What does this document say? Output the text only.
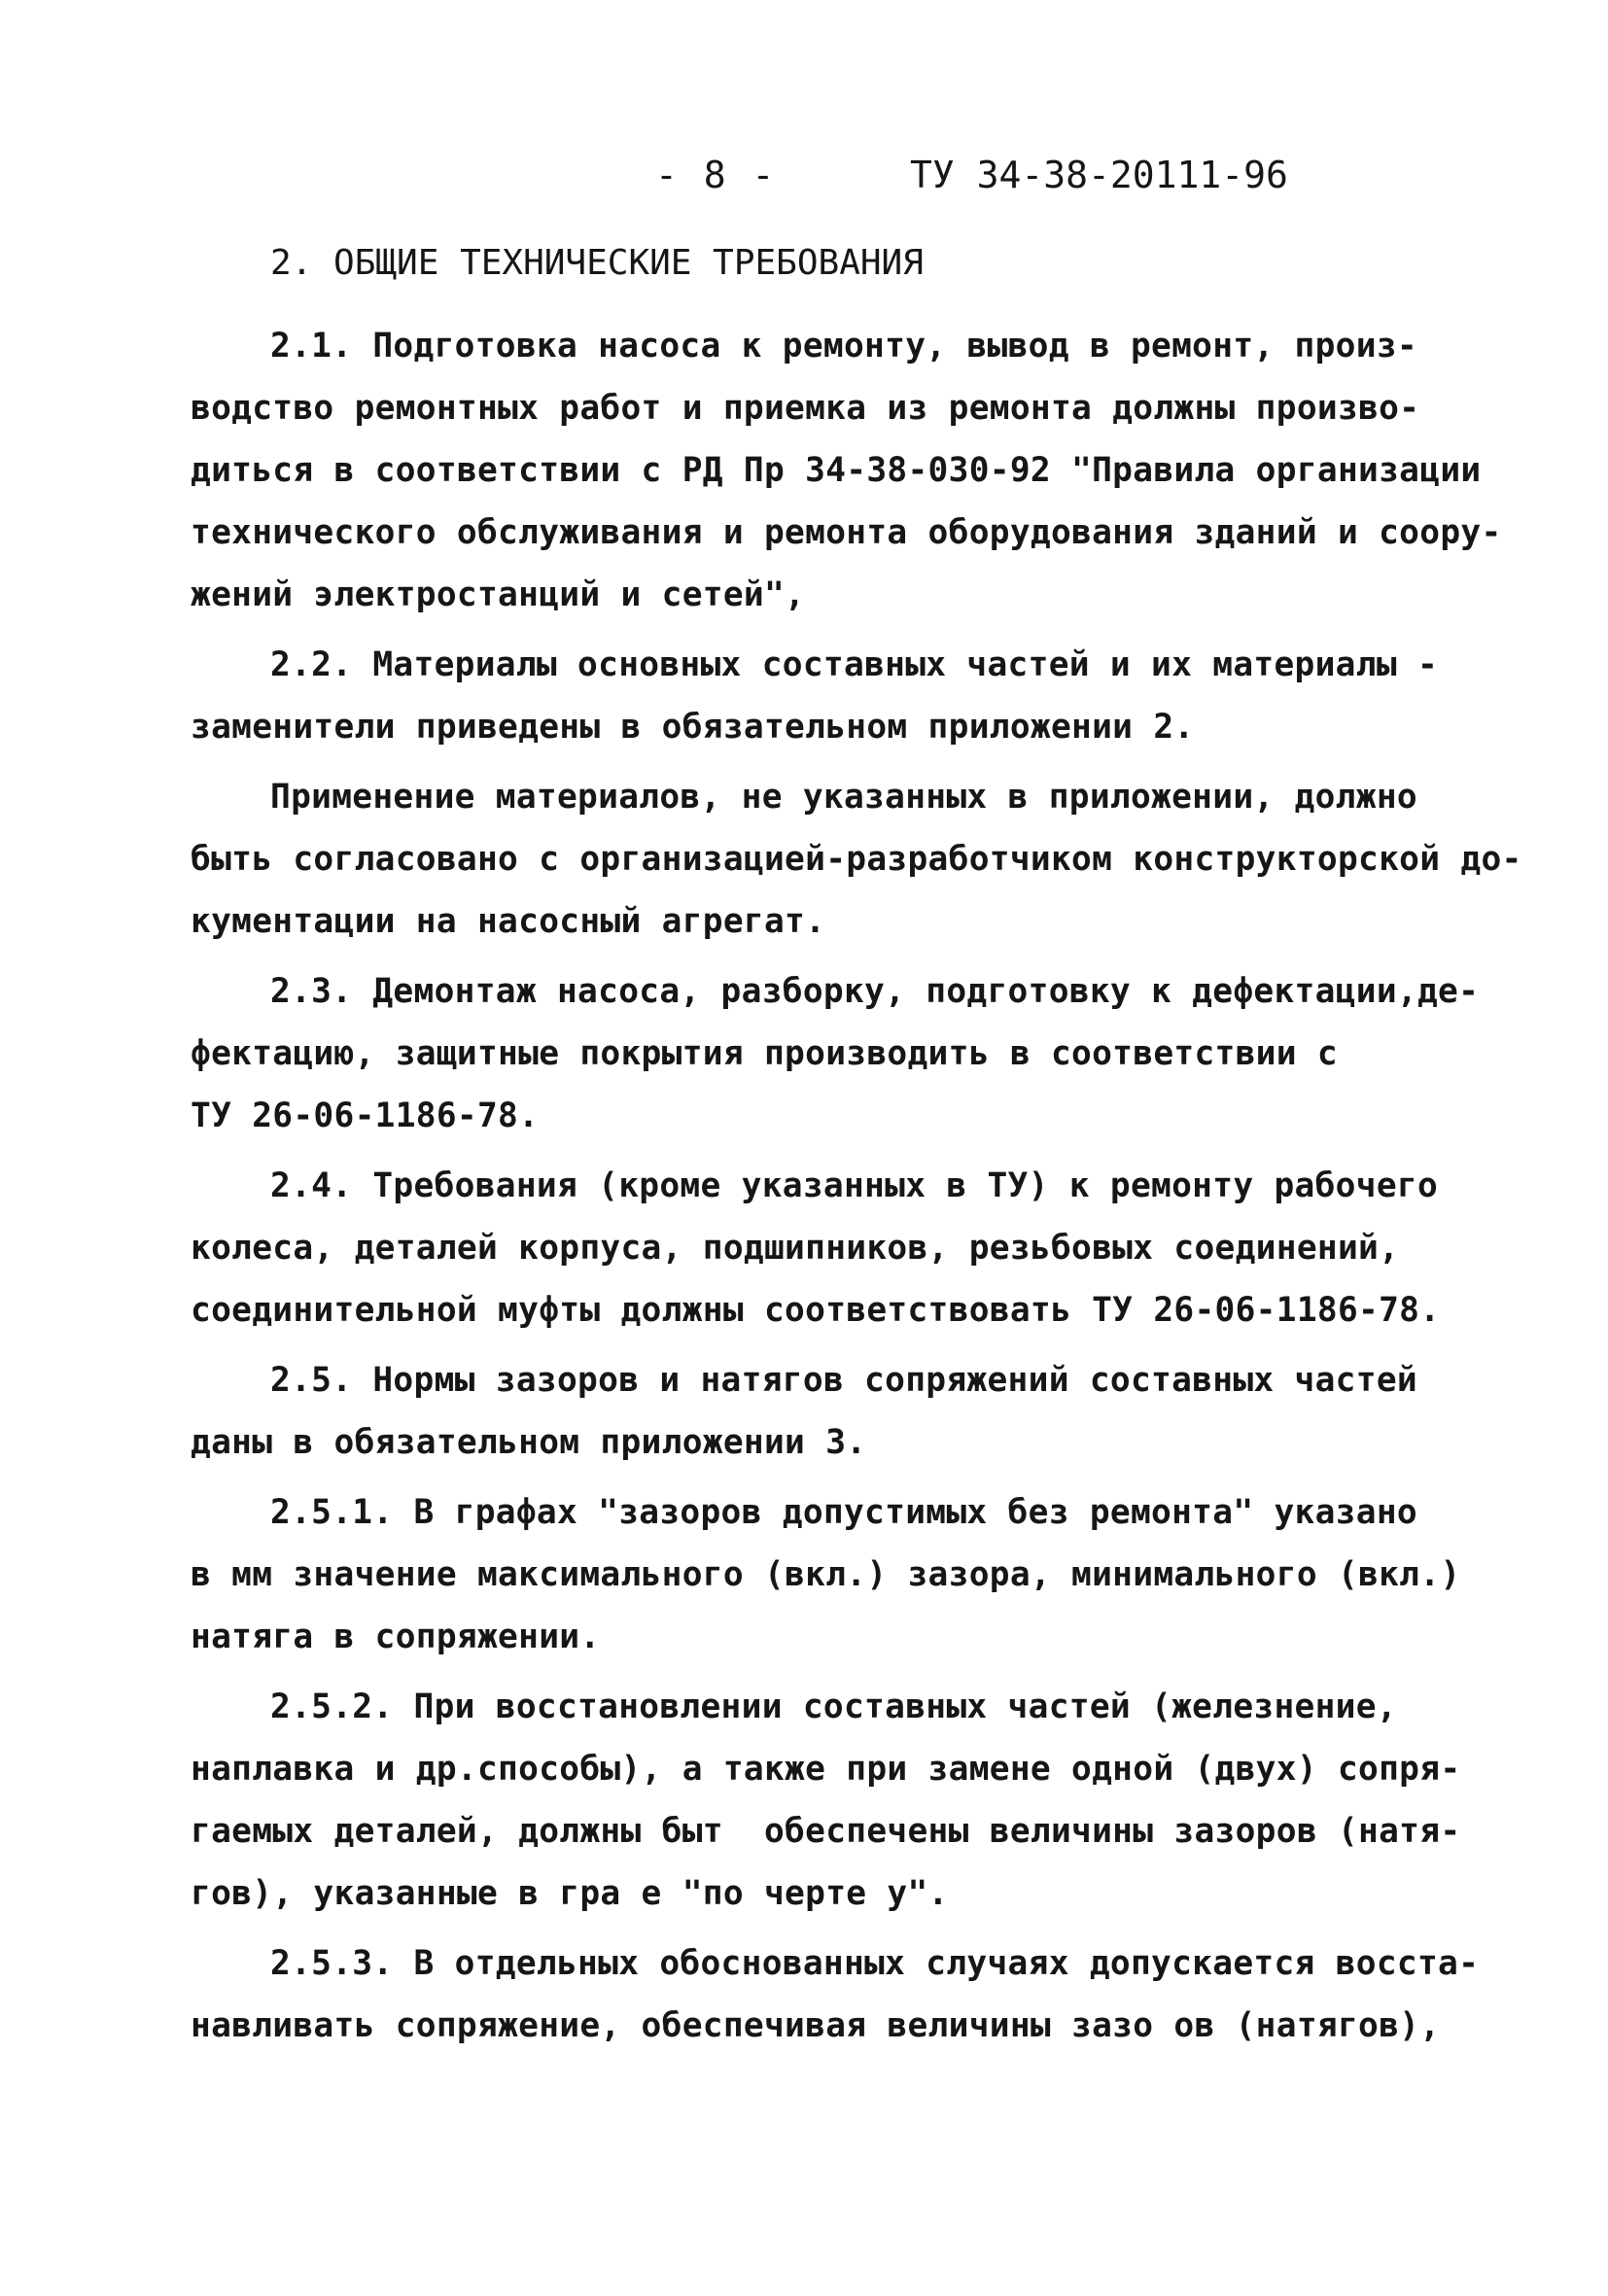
- 8 -	ТУ 34-38-20111-96
2. ОБЩИЕ ТЕХНИЧЕСКИЕ ТРЕБОВАНИЯ
2.1. Подготовка насоса к ремонту, вывод в ремонт, произ-
водство ремонтных работ и приемка из ремонта должны произво-
диться в соответствии с РД Пр 34-38-030-92 "Правила организации
технического обслуживания и ремонта оборудования зданий и соору-
жений электростанций и сетей",
2.2. Материалы основных составных частей и их материалы -
заменители приведены в обязательном приложении 2.
Применение материалов, не указанных в приложении, должно
быть согласовано с организацией-разработчиком конструкторской до-
кументации на насосный агрегат.
2.3. Демонтаж насоса, разборку, подготовку к дефектации,де-
фектацию, защитные покрытия производить в соответствии с
ТУ 26-06-1186-78.
2.4. Требования (кроме указанных в ТУ) к ремонту рабочего
колеса, деталей корпуса, подшипников, резьбовых соединений,
соединительной муфты должны соответствовать ТУ 26-06-1186-78.
2.5. Нормы зазоров и натягов сопряжений составных частей
даны в обязательном приложении 3.
2.5.1. В графах "зазоров допустимых без ремонта" указано
в мм значение максимального (вкл.) зазора, минимального (вкл.)
натяга в сопряжении.
2.5.2. При восстановлении составных частей (железнение,
наплавка и др.способы), а также при замене одной (двух) сопря-
гаемых деталей, должны быт  обеспечены величины зазоров (натя-
гов), указанные в гра е "по черте у".
2.5.3. В отдельных обоснованных случаях допускается восста-
навливать сопряжение, обеспечивая величины зазо ов (натягов),
